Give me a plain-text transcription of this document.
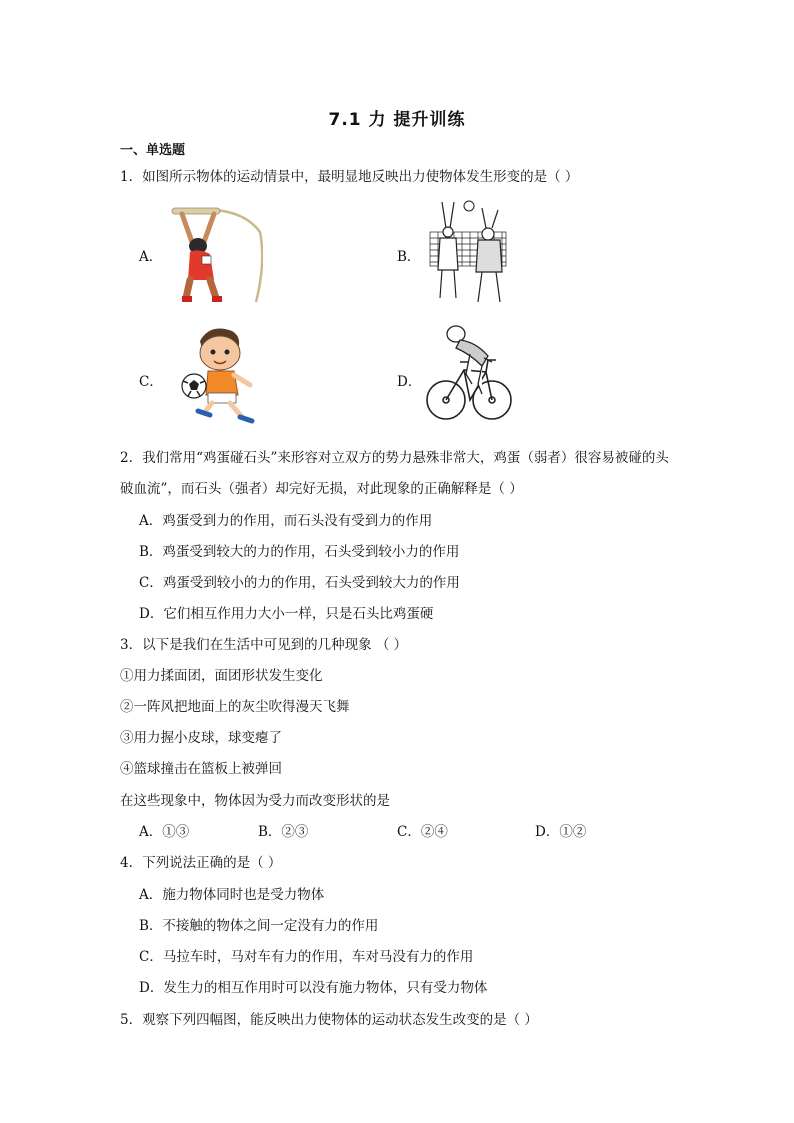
7.1 力 提升训练
一、单选题
1．如图所示物体的运动情景中，最明显地反映出力使物体发生形变的是（ ）
A．	B．
C．	D．
2．我们常用“鸡蛋碰石头”来形容对立双方的势力悬殊非常大，鸡蛋（弱者）很容易被碰的头
破血流”，而石头（强者）却完好无损，对此现象的正确解释是（ ）
A．鸡蛋受到力的作用，而石头没有受到力的作用
B．鸡蛋受到较大的力的作用，石头受到较小力的作用
C．鸡蛋受到较小的力的作用，石头受到较大力的作用
D．它们相互作用力大小一样，只是石头比鸡蛋硬
3．以下是我们在生活中可见到的几种现象 （ ）
①用力揉面团，面团形状发生变化
②一阵风把地面上的灰尘吹得漫天飞舞
③用力握小皮球，球变瘪了
④篮球撞击在篮板上被弹回
在这些现象中，物体因为受力而改变形状的是
A．①③	B．②③	C．②④	D．①②
4．下列说法正确的是（ ）
A．施力物体同时也是受力物体
B．不接触的物体之间一定没有力的作用
C．马拉车时，马对车有力的作用，车对马没有力的作用
D．发生力的相互作用时可以没有施力物体，只有受力物体
5．观察下列四幅图，能反映出力使物体的运动状态发生改变的是（ ）
